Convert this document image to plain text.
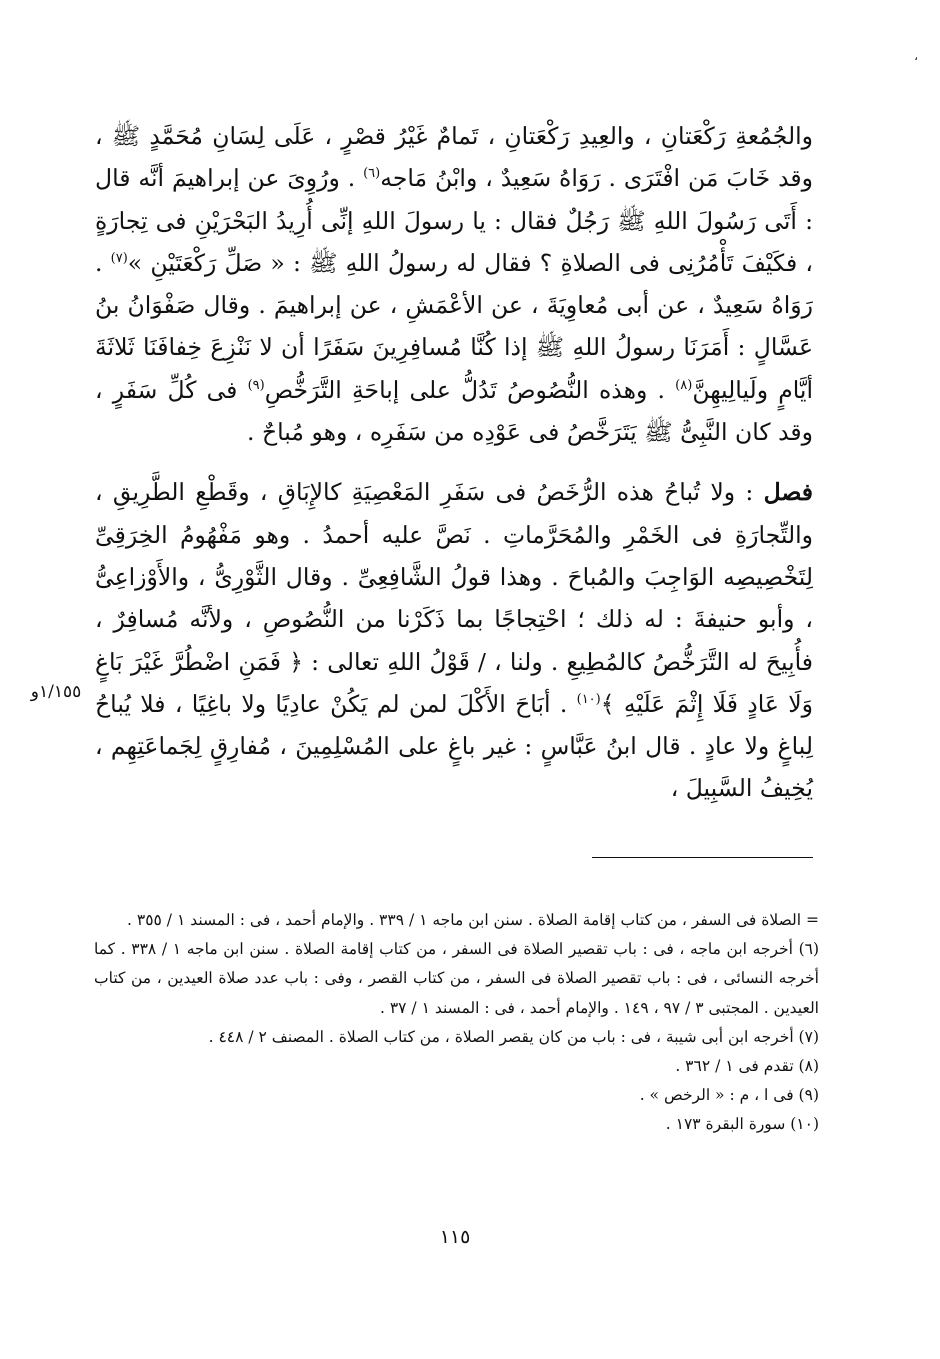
،

والجُمُعةِ رَكْعَتانِ ، والعِيدِ رَكْعَتانِ ، تَمامٌ غَيْرُ قصْرٍ ، عَلَى لِسَانِ مُحَمَّدٍ ﷺ ، وقد خَابَ مَن افْتَرَى . رَوَاهُ سَعِيدٌ ، وابْنُ مَاجه$^{(٦)}$ . ورُوِىَ عن إبراهيمَ أنَّه قال : أَتَى رَسُولَ اللهِ ﷺ رَجُلٌ فقال : يا رسولَ اللهِ إنِّى أُرِيدُ البَحْرَيْنِ فى تِجارَةٍ ، فكَيْفَ تَأْمُرُنِى فى الصلاةِ ؟ فقال له رسولُ اللهِ ﷺ : « صَلِّ رَكْعَتَيْنِ »$^{(٧)}$ . رَوَاهُ سَعِيدٌ ، عن أبى مُعاوِيَةَ ، عن الأعْمَشِ ، عن إبراهيمَ . وقال صَفْوَانُ بنُ عَسَّالٍ : أَمَرَنَا رسولُ اللهِ ﷺ إذا كُنَّا مُسافِرِينَ سَفَرًا أن لا نَنْزِعَ خِفافَنَا ثَلاثَةَ أيَّامٍ ولَيالِيهِنَّ$^{(٨)}$ . وهذه النُّصُوصُ تَدُلُّ على إباحَةِ التَّرَخُّصِ$^{(٩)}$ فى كُلِّ سَفَرٍ ، وقد كان النَّبِىُّ ﷺ يَتَرَخَّصُ فى عَوْدِه من سَفَرِه ، وهو مُباحٌ .

فصل : ولا تُباحُ هذه الرُّخَصُ فى سَفَرِ المَعْصِيَةِ كالإِبَاقِ ، وقَطْعِ الطَّرِيقِ ، والتِّجارَةِ فى الخَمْرِ والمُحَرَّماتِ . نَصَّ عليه أحمدُ . وهو مَفْهُومُ الخِرَقِىِّ لِتَخْصِيصِه الوَاجِبَ والمُباحَ . وهذا قولُ الشَّافِعِىِّ . وقال الثَّوْرِىُّ ، والأَوْزاعِىُّ ، وأبو حنيفةَ : له ذلك ؛ احْتِجاجًا بما ذَكَرْنا من النُّصُوصِ ، ولأنَّه مُسافِرٌ ، فأُبِيحَ له التَّرَخُّصُ كالمُطِيعِ . ولنا ، / قَوْلُ اللهِ تعالى : ﴿ فَمَنِ اضْطُرَّ غَيْرَ بَاغٍ وَلَا عَادٍ فَلَا إِثْمَ عَلَيْهِ ﴾$^{(١٠)}$ . أبَاحَ الأَكْلَ لمن لم يَكُنْ عادِيًا ولا باغِيًا ، فلا يُباحُ لِباغٍ ولا عادٍ . قال ابنُ عَبَّاسٍ : غير باغٍ على المُسْلِمِينَ ، مُفارِقٍ لِجَماعَتِهِم ، يُخِيفُ السَّبِيلَ ،

١/١٥٥و
= الصلاة فى السفر ، من كتاب إقامة الصلاة . سنن ابن ماجه ١ / ٣٣٩ . والإمام أحمد ، فى : المسند ١ / ٣٥٥ .
(٦) أخرجه ابن ماجه ، فى : باب تقصير الصلاة فى السفر ، من كتاب إقامة الصلاة . سنن ابن ماجه ١ / ٣٣٨ . كما أخرجه النسائى ، فى : باب تقصير الصلاة فى السفر ، من كتاب القصر ، وفى : باب عدد صلاة العيدين ، من كتاب العيدين . المجتبى ٣ / ٩٧ ، ١٤٩ . والإمام أحمد ، فى : المسند ١ / ٣٧ .
(٧) أخرجه ابن أبى شيبة ، فى : باب من كان يقصر الصلاة ، من كتاب الصلاة . المصنف ٢ / ٤٤٨ .
(٨) تقدم فى ١ / ٣٦٢ .
(٩) فى ا ، م : « الرخص » .
(١٠) سورة البقرة ١٧٣ .
١١٥
